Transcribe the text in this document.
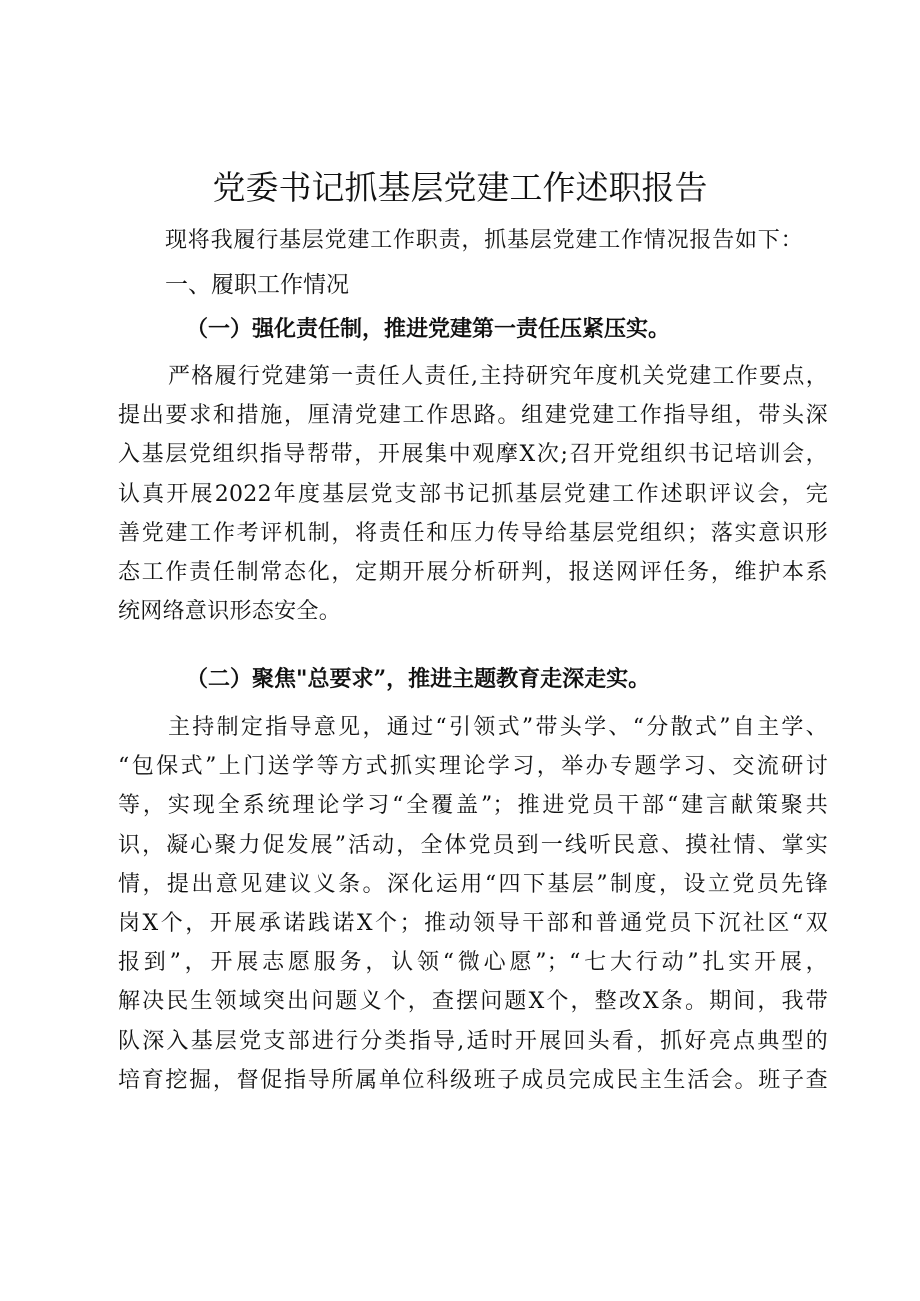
党委书记抓基层党建工作述职报告
现将我履行基层党建工作职责，抓基层党建工作情况报告如下：
一、履职工作情况
（一）强化责任制，推进党建第一责任压紧压实。
严格履行党建第一责任人责任,主持研究年度机关党建工作要点，
提出要求和措施，厘清党建工作思路。组建党建工作指导组，带头深
入基层党组织指导帮带，开展集中观摩X次;召开党组织书记培训会，
认真开展2022年度基层党支部书记抓基层党建工作述职评议会，完
善党建工作考评机制，将责任和压力传导给基层党组织；落实意识形
态工作责任制常态化，定期开展分析研判，报送网评任务，维护本系
统网络意识形态安全。
（二）聚焦"总要求”，推进主题教育走深走实。
主持制定指导意见，通过“引领式”带头学、“分散式”自主学、
“包保式”上门送学等方式抓实理论学习，举办专题学习、交流研讨
等，实现全系统理论学习“全覆盖”；推进党员干部“建言献策聚共
识，凝心聚力促发展”活动，全体党员到一线听民意、摸社情、掌实
情，提出意见建议义条。深化运用“四下基层”制度，设立党员先锋
岗X个，开展承诺践诺X个；推动领导干部和普通党员下沉社区“双
报到”，开展志愿服务，认领“微心愿”；“七大行动”扎实开展，
解决民生领域突出问题义个，查摆问题X个，整改X条。期间，我带
队深入基层党支部进行分类指导,适时开展回头看，抓好亮点典型的
培育挖掘，督促指导所属单位科级班子成员完成民主生活会。班子查
